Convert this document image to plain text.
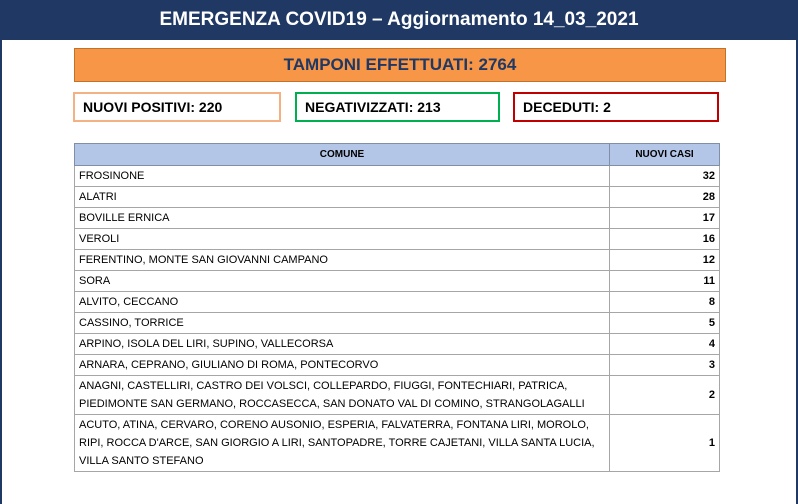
EMERGENZA COVID19 – Aggiornamento 14_03_2021
TAMPONI EFFETTUATI: 2764
NUOVI POSITIVI: 220	NEGATIVIZZATI: 213	DECEDUTI: 2
COMUNE	NUOVI CASI
FROSINONE	32
ALATRI	28
BOVILLE ERNICA	17
VEROLI	16
FERENTINO, MONTE SAN GIOVANNI CAMPANO	12
SORA	11
ALVITO, CECCANO	8
CASSINO, TORRICE	5
ARPINO, ISOLA DEL LIRI, SUPINO, VALLECORSA	4
ARNARA, CEPRANO, GIULIANO DI ROMA, PONTECORVO	3
ANAGNI, CASTELLIRI, CASTRO DEI VOLSCI, COLLEPARDO, FIUGGI, FONTECHIARI, PATRICA, PIEDIMONTE SAN GERMANO, ROCCASECCA, SAN DONATO VAL DI COMINO, STRANGOLAGALLI	2
ACUTO, ATINA, CERVARO, CORENO AUSONIO, ESPERIA, FALVATERRA, FONTANA LIRI, MOROLO, RIPI, ROCCA D'ARCE, SAN GIORGIO A LIRI, SANTOPADRE, TORRE CAJETANI, VILLA SANTA LUCIA, VILLA SANTO STEFANO	1
